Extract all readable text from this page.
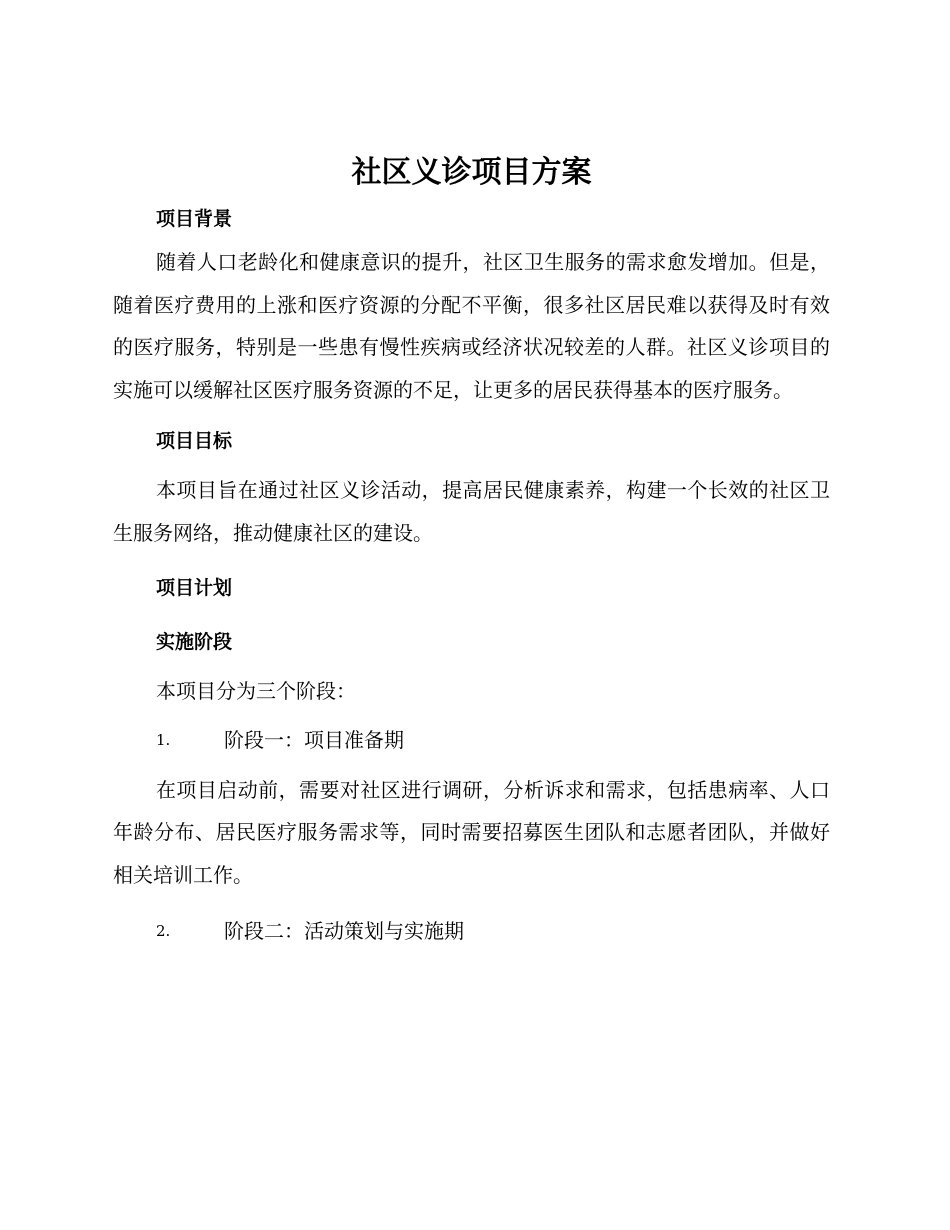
社区义诊项目方案
项目背景

随着人口老龄化和健康意识的提升，社区卫生服务的需求愈发增加。但是，随着医疗费用的上涨和医疗资源的分配不平衡，很多社区居民难以获得及时有效的医疗服务，特别是一些患有慢性疾病或经济状况较差的人群。社区义诊项目的实施可以缓解社区医疗服务资源的不足，让更多的居民获得基本的医疗服务。

项目目标

本项目旨在通过社区义诊活动，提高居民健康素养，构建一个长效的社区卫生服务网络，推动健康社区的建设。

项目计划
实施阶段

本项目分为三个阶段：

1.	阶段一：项目准备期

在项目启动前，需要对社区进行调研，分析诉求和需求，包括患病率、人口年龄分布、居民医疗服务需求等，同时需要招募医生团队和志愿者团队，并做好相关培训工作。

2.	阶段二：活动策划与实施期
